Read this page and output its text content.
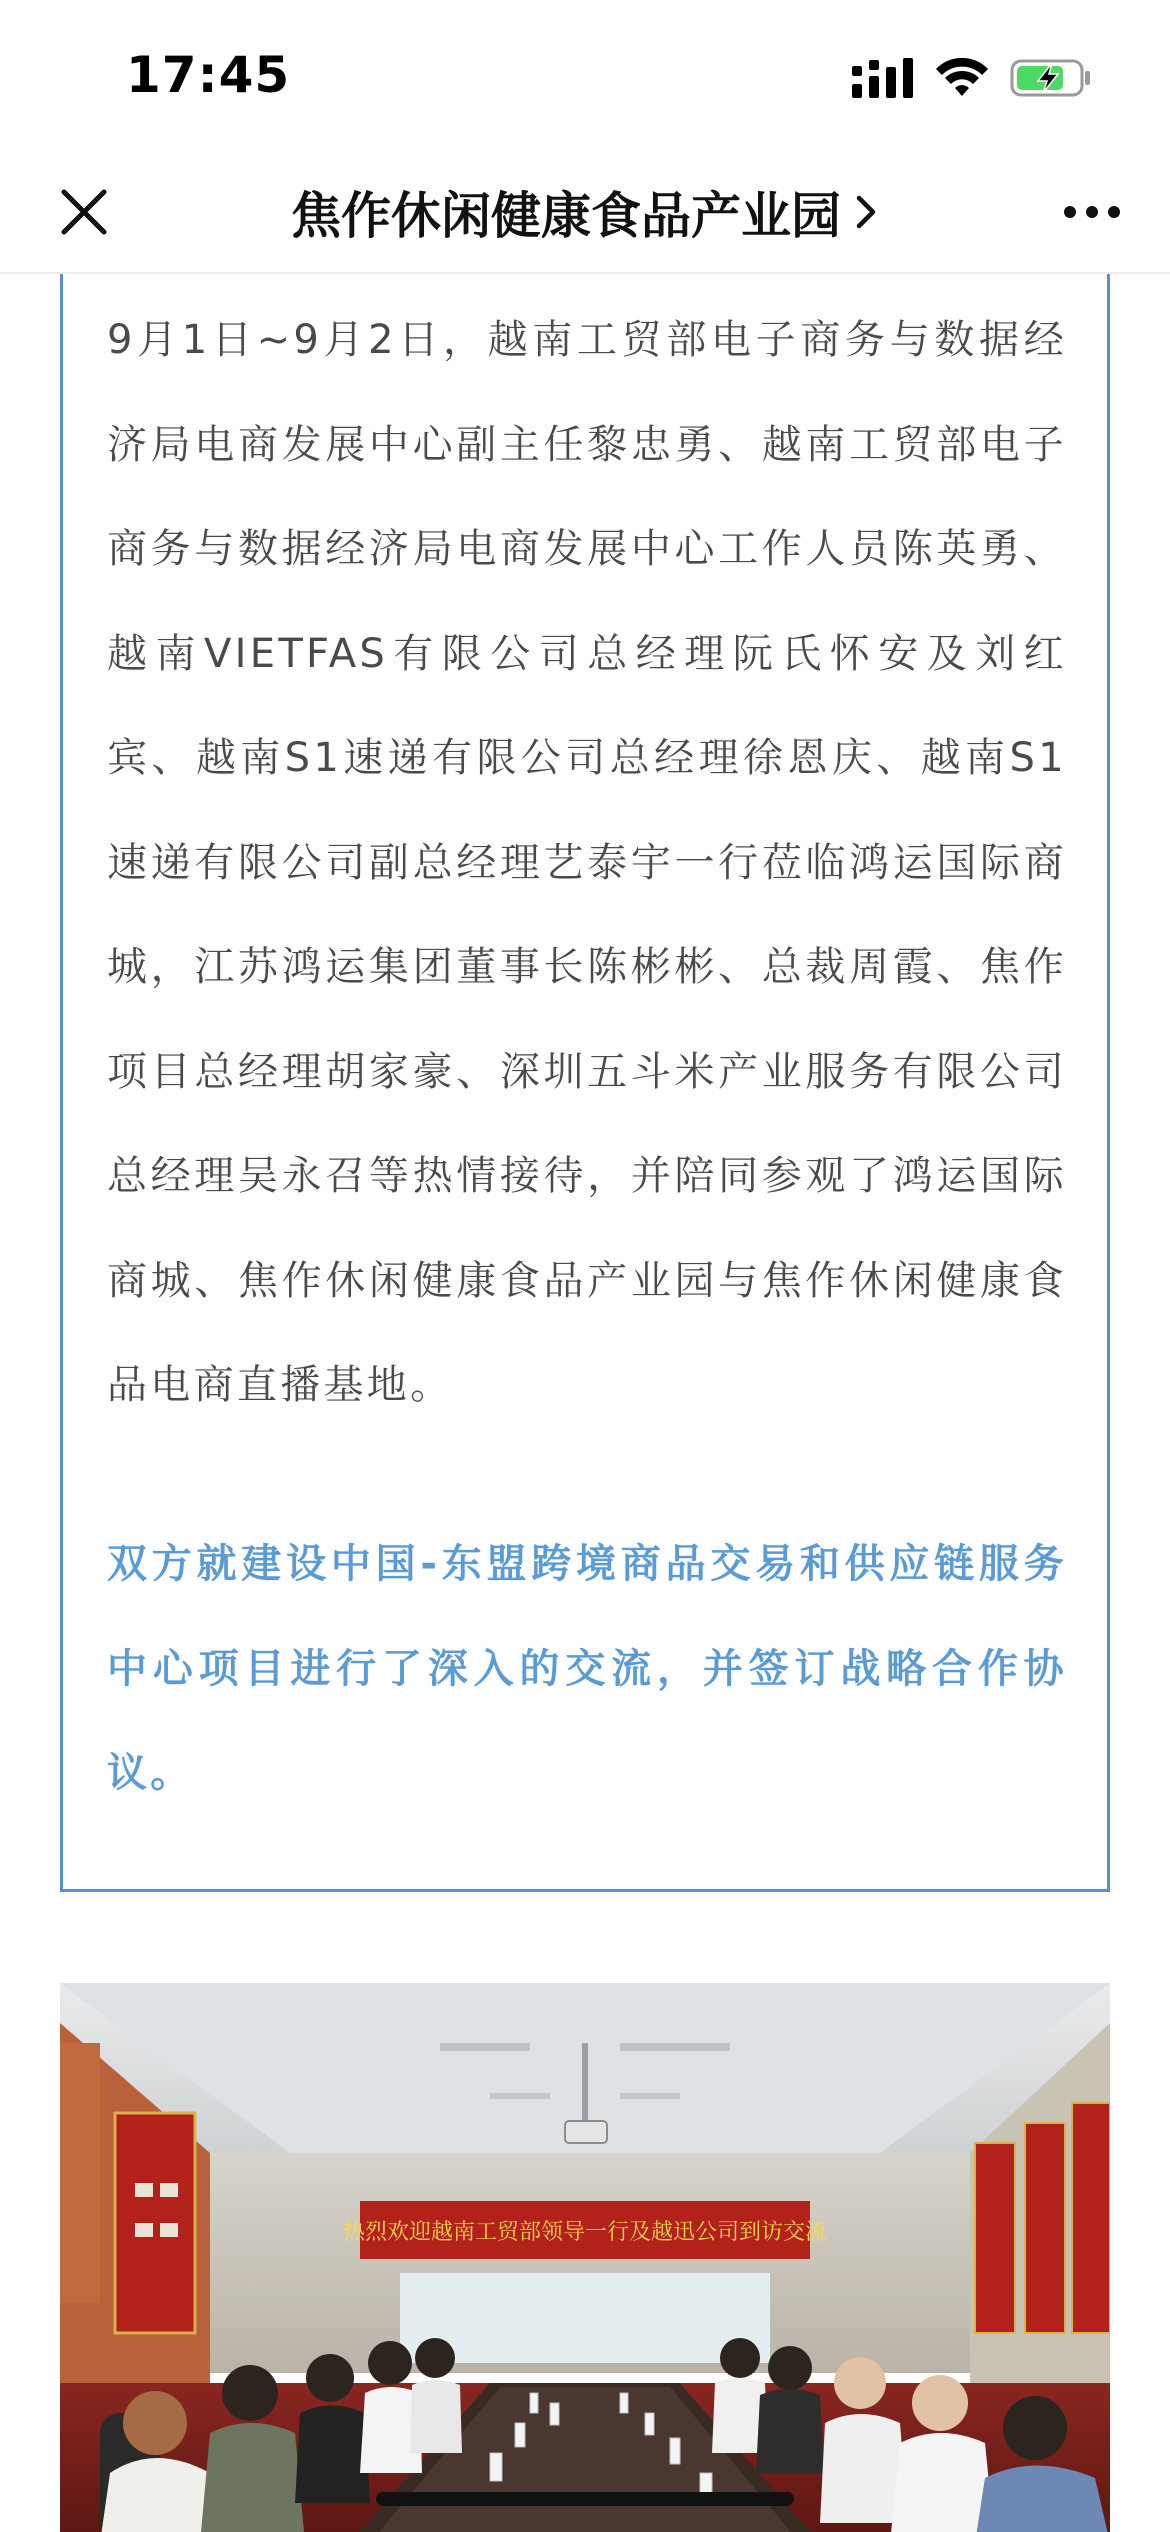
17:45
焦作休闲健康食品产业园

9月1日~9月2日，越南工贸部电子商务与数据经济局电商发展中心副主任黎忠勇、越南工贸部电子商务与数据经济局电商发展中心工作人员陈英勇、越南VIETFAS有限公司总经理阮氏怀安及刘红宾、越南S1速递有限公司总经理徐恩庆、越南S1速递有限公司副总经理艺泰宇一行莅临鸿运国际商城，江苏鸿运集团董事长陈彬彬、总裁周霞、焦作项目总经理胡家豪、深圳五斗米产业服务有限公司总经理吴永召等热情接待，并陪同参观了鸿运国际商城、焦作休闲健康食品产业园与焦作休闲健康食品电商直播基地。

双方就建设中国-东盟跨境商品交易和供应链服务中心项目进行了深入的交流，并签订战略合作协议。

热烈欢迎越南工贸部领导一行及越迅公司到访交流
